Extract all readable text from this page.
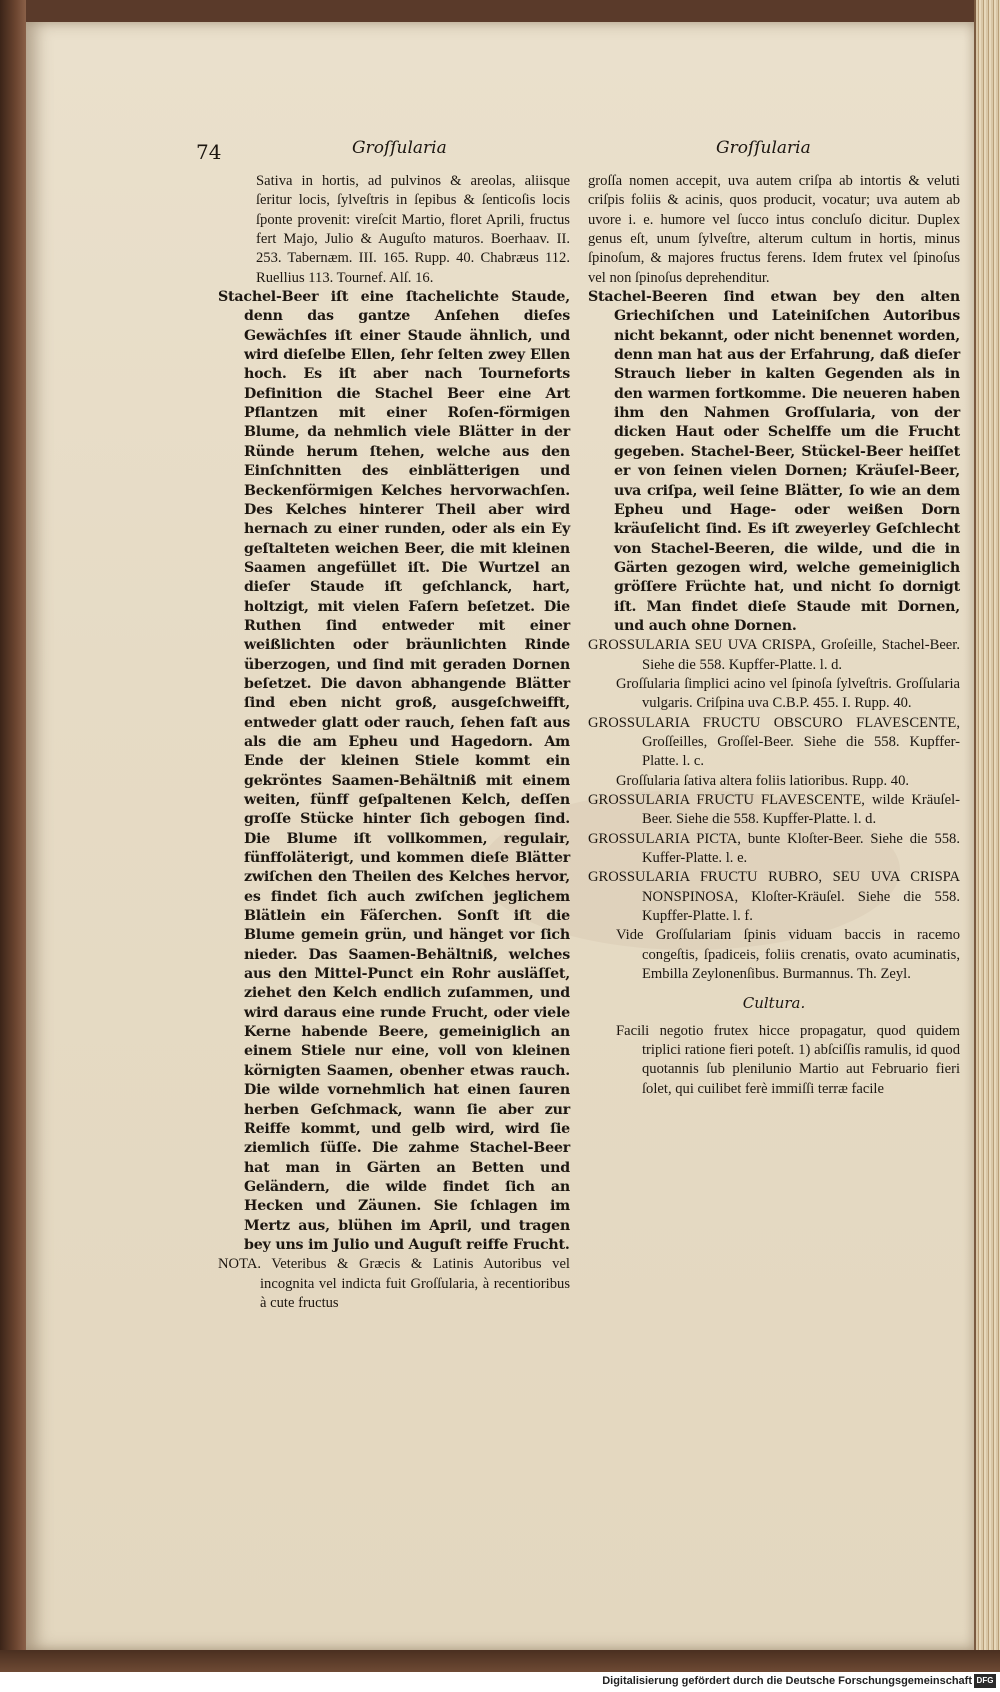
74	Groſſularia	Groſſularia

Sativa in hortis, ad pulvinos & areolas, aliisque ſeritur locis, ſylveſtris in ſepibus & ſenticoſis locis ſponte provenit: vireſcit Martio, floret Aprili, fructus fert Majo, Julio & Auguſto maturos. Boerhaav. II. 253. Tabernæm. III. 165. Rupp. 40. Chabræus 112. Ruellius 113. Tournef. Alſ. 16.

Stachel-Beer iſt eine ſtachelichte Staude, denn das gantze Anſehen dieſes Gewächſes iſt einer Staude ähnlich, und wird dieſelbe Ellen, ſehr ſelten zwey Ellen hoch. Es iſt aber nach Tourneforts Definition die Stachel Beer eine Art Pflantzen mit einer Roſen-förmigen Blume, da nehmlich viele Blätter in der Ründe herum ſtehen, welche aus den Einſchnitten des einblätterigen und Beckenförmigen Kelches hervorwachſen. Des Kelches hinterer Theil aber wird hernach zu einer runden, oder als ein Ey geſtalteten weichen Beer, die mit kleinen Saamen angefüllet iſt. Die Wurtzel an dieſer Staude iſt geſchlanck, hart, holtzigt, mit vielen Faſern beſetzet. Die Ruthen ſind entweder mit einer weißlichten oder bräunlichten Rinde überzogen, und ſind mit geraden Dornen beſetzet. Die davon abhangende Blätter ſind eben nicht groß, ausgeſchweifft, entweder glatt oder rauch, ſehen faſt aus als die am Epheu und Hagedorn. Am Ende der kleinen Stiele kommt ein gekröntes Saamen-Behältniß mit einem weiten, fünff geſpaltenen Kelch, deſſen groſſe Stücke hinter ſich gebogen ſind. Die Blume iſt vollkommen, regulair, fünffoläterigt, und kommen dieſe Blätter zwiſchen den Theilen des Kelches hervor, es findet ſich auch zwiſchen jeglichem Blätlein ein Fäſerchen. Sonſt iſt die Blume gemein grün, und hänget vor ſich nieder. Das Saamen-Behältniß, welches aus den Mittel-Punct ein Rohr ausläſſet, ziehet den Kelch endlich zuſammen, und wird daraus eine runde Frucht, oder viele Kerne habende Beere, gemeiniglich an einem Stiele nur eine, voll von kleinen körnigten Saamen, obenher etwas rauch. Die wilde vornehmlich hat einen ſauren herben Geſchmack, wann ſie aber zur Reiffe kommt, und gelb wird, wird ſie ziemlich ſüſſe. Die zahme Stachel-Beer hat man in Gärten an Betten und Geländern, die wilde findet ſich an Hecken und Zäunen. Sie ſchlagen im Mertz aus, blühen im April, und tragen bey uns im Julio und Auguſt reiffe Frucht.

NOTA. Veteribus & Græcis & Latinis Autoribus vel incognita vel indicta fuit Groſſularia, à recentioribus à cute fructus

groſſa nomen accepit, uva autem criſpa ab intortis & veluti criſpis foliis & acinis, quos producit, vocatur; uva autem ab uvore i. e. humore vel ſucco intus concluſo dicitur. Duplex genus eſt, unum ſylveſtre, alterum cultum in hortis, minus ſpinoſum, & majores fructus ferens. Idem frutex vel ſpinoſus vel non ſpinoſus deprehenditur.

Stachel-Beeren ſind etwan bey den alten Griechiſchen und Lateiniſchen Autoribus nicht bekannt, oder nicht benennet worden, denn man hat aus der Erfahrung, daß dieſer Strauch lieber in kalten Gegenden als in den warmen fortkomme. Die neueren haben ihm den Nahmen Groſſularia, von der dicken Haut oder Schelffe um die Frucht gegeben. Stachel-Beer, Stückel-Beer heiſſet er von ſeinen vielen Dornen; Kräuſel-Beer, uva criſpa, weil ſeine Blätter, ſo wie an dem Epheu und Hage- oder weißen Dorn kräuſelicht ſind. Es iſt zweyerley Geſchlecht von Stachel-Beeren, die wilde, und die in Gärten gezogen wird, welche gemeiniglich gröſſere Früchte hat, und nicht ſo dornigt iſt. Man findet dieſe Staude mit Dornen, und auch ohne Dornen.

GROSSULARIA SEU UVA CRISPA, Groſeille, Stachel-Beer. Siehe die 558. Kupffer-Platte. l. d.

Groſſularia ſimplici acino vel ſpinoſa ſylveſtris. Groſſularia vulgaris. Criſpina uva C.B.P. 455. I. Rupp. 40.

GROSSULARIA FRUCTU OBSCURO FLAVESCENTE, Groſſeilles, Groſſel-Beer. Siehe die 558. Kupffer-Platte. l. c.

Groſſularia ſativa altera foliis latioribus. Rupp. 40.

GROSSULARIA FRUCTU FLAVESCENTE, wilde Kräuſel-Beer. Siehe die 558. Kupffer-Platte. l. d.

GROSSULARIA PICTA, bunte Kloſter-Beer. Siehe die 558. Kuffer-Platte. l. e.

GROSSULARIA FRUCTU RUBRO, SEU UVA CRISPA NONSPINOSA, Kloſter-Kräuſel. Siehe die 558. Kupffer-Platte. l. f.

Vide Groſſulariam ſpinis viduam baccis in racemo congeſtis, ſpadiceis, foliis crenatis, ovato acuminatis, Embilla Zeylonenſibus. Burmannus. Th. Zeyl.

Cultura.

Facili negotio frutex hicce propagatur, quod quidem triplici ratione fieri poteſt. 1) abſciſſis ramulis, id quod quotannis ſub plenilunio Martio aut Februario fieri ſolet, qui cuilibet ferè immiſſi terræ facile

Digitalisierung gefördert durch die Deutsche Forschungsgemeinschaft DFG
